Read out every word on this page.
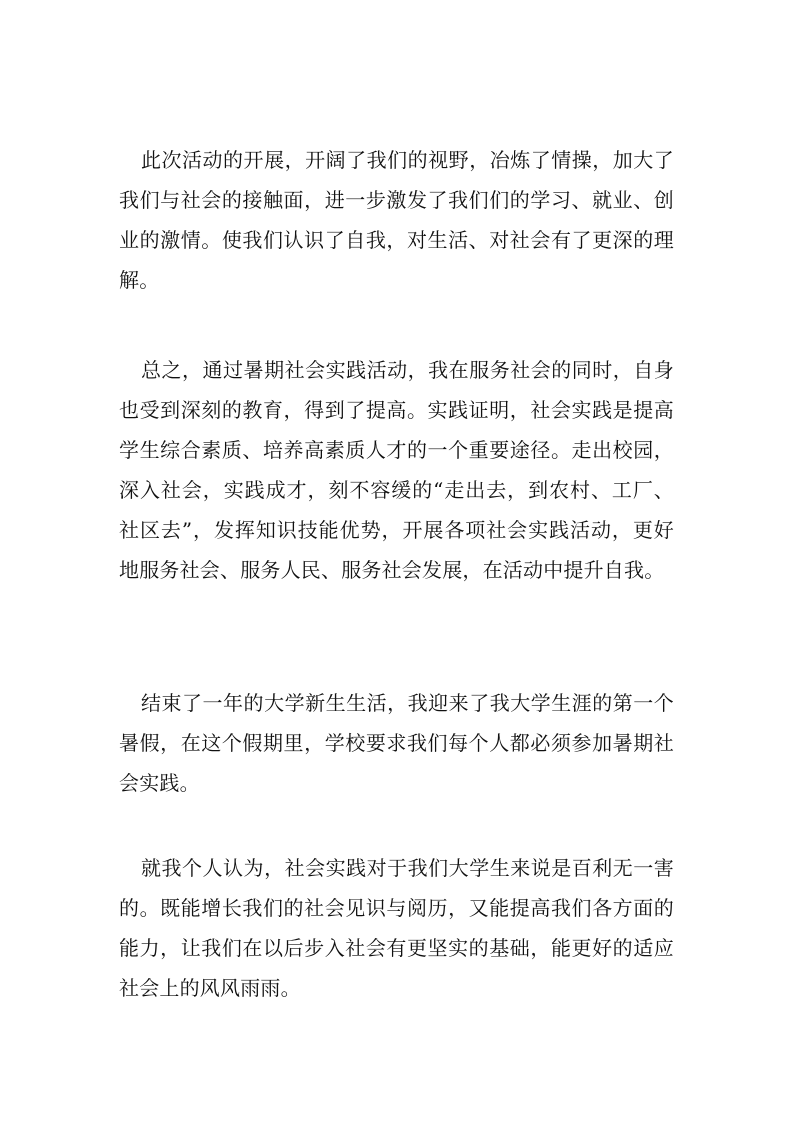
此次活动的开展，开阔了我们的视野，冶炼了情操，加大了我们与社会的接触面，进一步激发了我们们的学习、就业、创业的激情。使我们认识了自我，对生活、对社会有了更深的理解。

总之，通过暑期社会实践活动，我在服务社会的同时，自身也受到深刻的教育，得到了提高。实践证明，社会实践是提高学生综合素质、培养高素质人才的一个重要途径。走出校园，深入社会，实践成才，刻不容缓的“走出去，到农村、工厂、社区去”，发挥知识技能优势，开展各项社会实践活动，更好地服务社会、服务人民、服务社会发展，在活动中提升自我。

结束了一年的大学新生生活，我迎来了我大学生涯的第一个暑假，在这个假期里，学校要求我们每个人都必须参加暑期社会实践。

就我个人认为，社会实践对于我们大学生来说是百利无一害的。既能增长我们的社会见识与阅历，又能提高我们各方面的能力，让我们在以后步入社会有更坚实的基础，能更好的适应社会上的风风雨雨。
